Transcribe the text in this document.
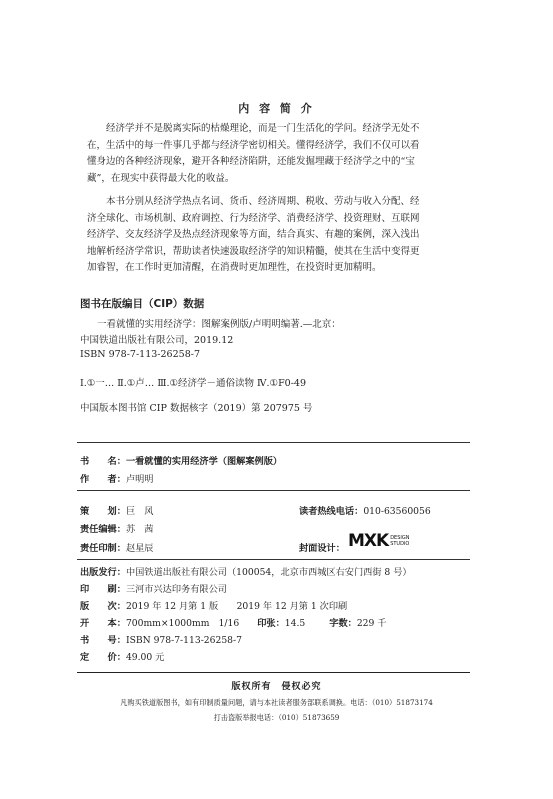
内 容 简 介
经济学并不是脱离实际的枯燥理论，而是一门生活化的学问。经济学无处不
在，生活中的每一件事几乎都与经济学密切相关。懂得经济学，我们不仅可以看
懂身边的各种经济现象，避开各种经济陷阱，还能发掘埋藏于经济学之中的“宝
藏”，在现实中获得最大化的收益。
本书分别从经济学热点名词、货币、经济周期、税收、劳动与收入分配、经
济全球化、市场机制、政府调控、行为经济学、消费经济学、投资理财、互联网
经济学、交友经济学及热点经济现象等方面，结合真实、有趣的案例，深入浅出
地解析经济学常识，帮助读者快速汲取经济学的知识精髓，使其在生活中变得更
加睿智，在工作时更加清醒，在消费时更加理性，在投资时更加精明。
图书在版编目（CIP）数据
一看就懂的实用经济学：图解案例版/卢明明编著.—北京：
中国铁道出版社有限公司，2019.12
ISBN 978-7-113-26258-7
Ⅰ.①一… Ⅱ.①卢… Ⅲ.①经济学－通俗读物 Ⅳ.①F0-49
中国版本图书馆 CIP 数据核字（2019）第 207975 号
书　　名：一看就懂的实用经济学（图解案例版）
作　　者：卢明明
策　　划：巨　风	读者热线电话：010-63560056
责任编辑：苏　茜
封面设计： MXK DESIGN
STUDIO
责任印制：赵星辰
出版发行：中国铁道出版社有限公司（100054，北京市西城区右安门西街 8 号）
印　　刷：三河市兴达印务有限公司
版　　次：2019 年 12 月第 1 版　　2019 年 12 月第 1 次印刷
开　　本：700mm×1000mm　1/16 印张：14.5	字数：229 千
书　　号：ISBN 978-7-113-26258-7
定　　价：49.00 元
版权所有　侵权必究
凡购买铁道版图书，如有印制质量问题，请与本社读者服务部联系调换。电话：（010）51873174
打击盗版举报电话：（010）51873659
